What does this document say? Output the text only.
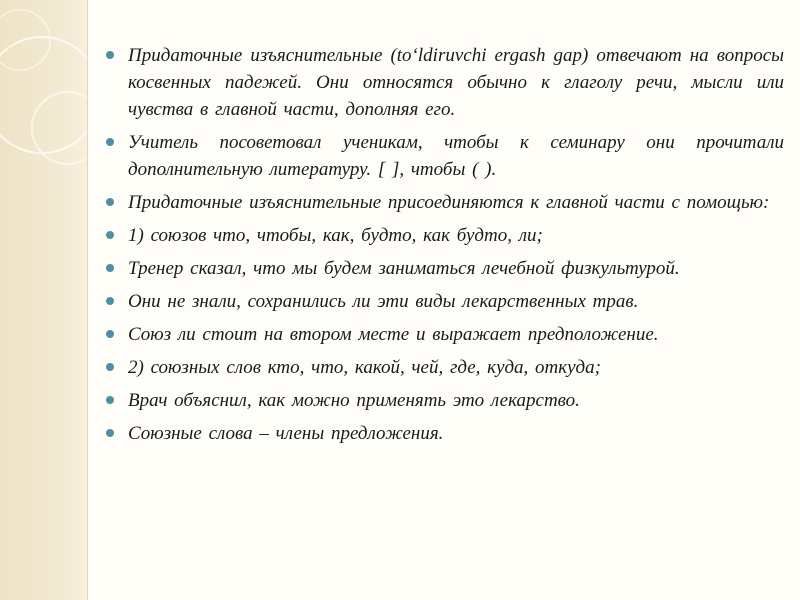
Придаточные изъяснительные (to‘ldiruvchi ergash gap) отвечают на вопросы косвенных падежей. Они относятся обычно к глаголу речи, мысли или чувства в главной части, дополняя его.
Учитель посоветовал ученикам, чтобы к семинару они прочитали дополнительную литературу. [ ], чтобы ( ).
Придаточные изъяснительные присоединяются к главной части с помощью:
1) союзов что, чтобы, как, будто, как будто, ли;
Тренер сказал, что мы будем заниматься лечебной физкультурой.
Они не знали, сохранились ли эти виды лекарственных трав.
Союз ли стоит на втором месте и выражает предположение.
2) союзных слов кто, что, какой, чей, где, куда, откуда;
Врач объяснил, как можно применять это лекарство.
Союзные слова – члены предложения.
